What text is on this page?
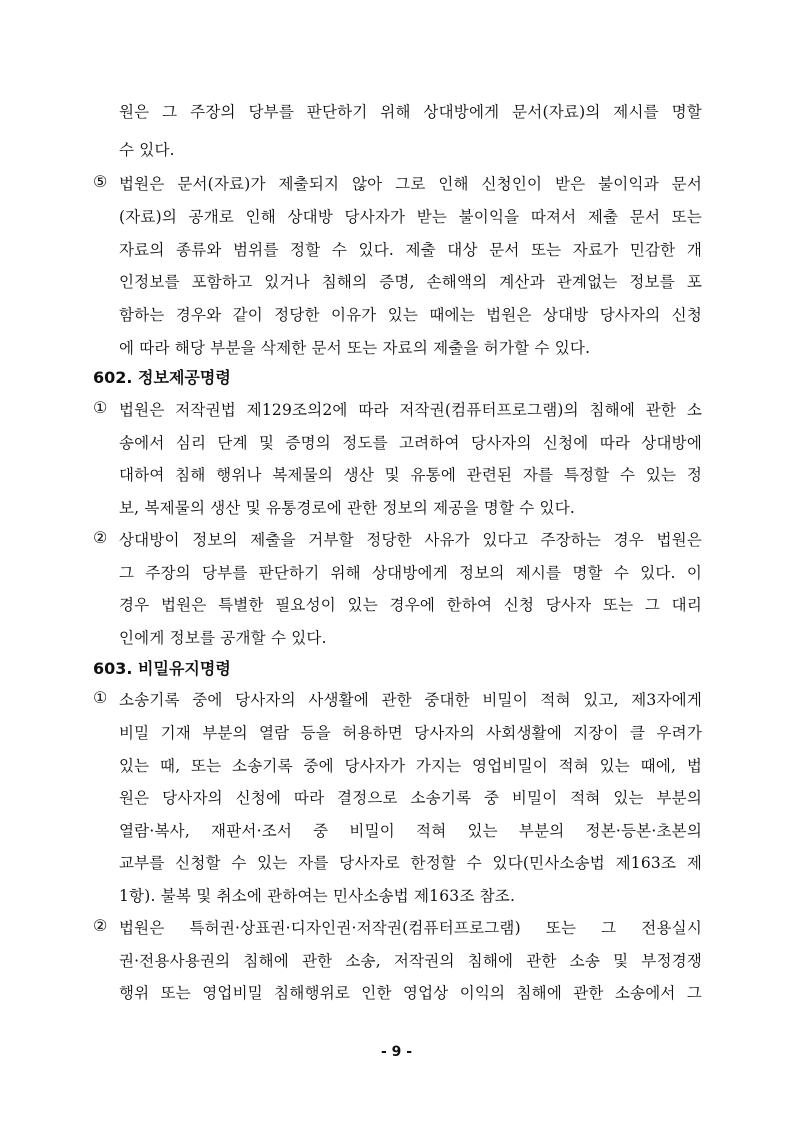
원은 그 주장의 당부를 판단하기 위해 상대방에게 문서(자료)의 제시를 명할
수 있다.
⑤ 법원은 문서(자료)가 제출되지 않아 그로 인해 신청인이 받은 불이익과 문서
(자료)의 공개로 인해 상대방 당사자가 받는 불이익을 따져서 제출 문서 또는
자료의 종류와 범위를 정할 수 있다. 제출 대상 문서 또는 자료가 민감한 개
인정보를 포함하고 있거나 침해의 증명, 손해액의 계산과 관계없는 정보를 포
함하는 경우와 같이 정당한 이유가 있는 때에는 법원은 상대방 당사자의 신청
에 따라 해당 부분을 삭제한 문서 또는 자료의 제출을 허가할 수 있다.
602. 정보제공명령
① 법원은 저작권법 제129조의2에 따라 저작권(컴퓨터프로그램)의 침해에 관한 소
송에서 심리 단계 및 증명의 정도를 고려하여 당사자의 신청에 따라 상대방에
대하여 침해 행위나 복제물의 생산 및 유통에 관련된 자를 특정할 수 있는 정
보, 복제물의 생산 및 유통경로에 관한 정보의 제공을 명할 수 있다.
② 상대방이 정보의 제출을 거부할 정당한 사유가 있다고 주장하는 경우 법원은
그 주장의 당부를 판단하기 위해 상대방에게 정보의 제시를 명할 수 있다. 이
경우 법원은 특별한 필요성이 있는 경우에 한하여 신청 당사자 또는 그 대리
인에게 정보를 공개할 수 있다.
603. 비밀유지명령
① 소송기록 중에 당사자의 사생활에 관한 중대한 비밀이 적혀 있고, 제3자에게
비밀 기재 부분의 열람 등을 허용하면 당사자의 사회생활에 지장이 클 우려가
있는 때, 또는 소송기록 중에 당사자가 가지는 영업비밀이 적혀 있는 때에, 법
원은 당사자의 신청에 따라 결정으로 소송기록 중 비밀이 적혀 있는 부분의
열람·복사, 재판서·조서 중 비밀이 적혀 있는 부분의 정본·등본·초본의
교부를 신청할 수 있는 자를 당사자로 한정할 수 있다(민사소송법 제163조 제
1항). 불복 및 취소에 관하여는 민사소송법 제163조 참조.
② 법원은 특허권·상표권·디자인권·저작권(컴퓨터프로그램) 또는 그 전용실시
권·전용사용권의 침해에 관한 소송, 저작권의 침해에 관한 소송 및 부정경쟁
행위 또는 영업비밀 침해행위로 인한 영업상 이익의 침해에 관한 소송에서 그
- 9 -
